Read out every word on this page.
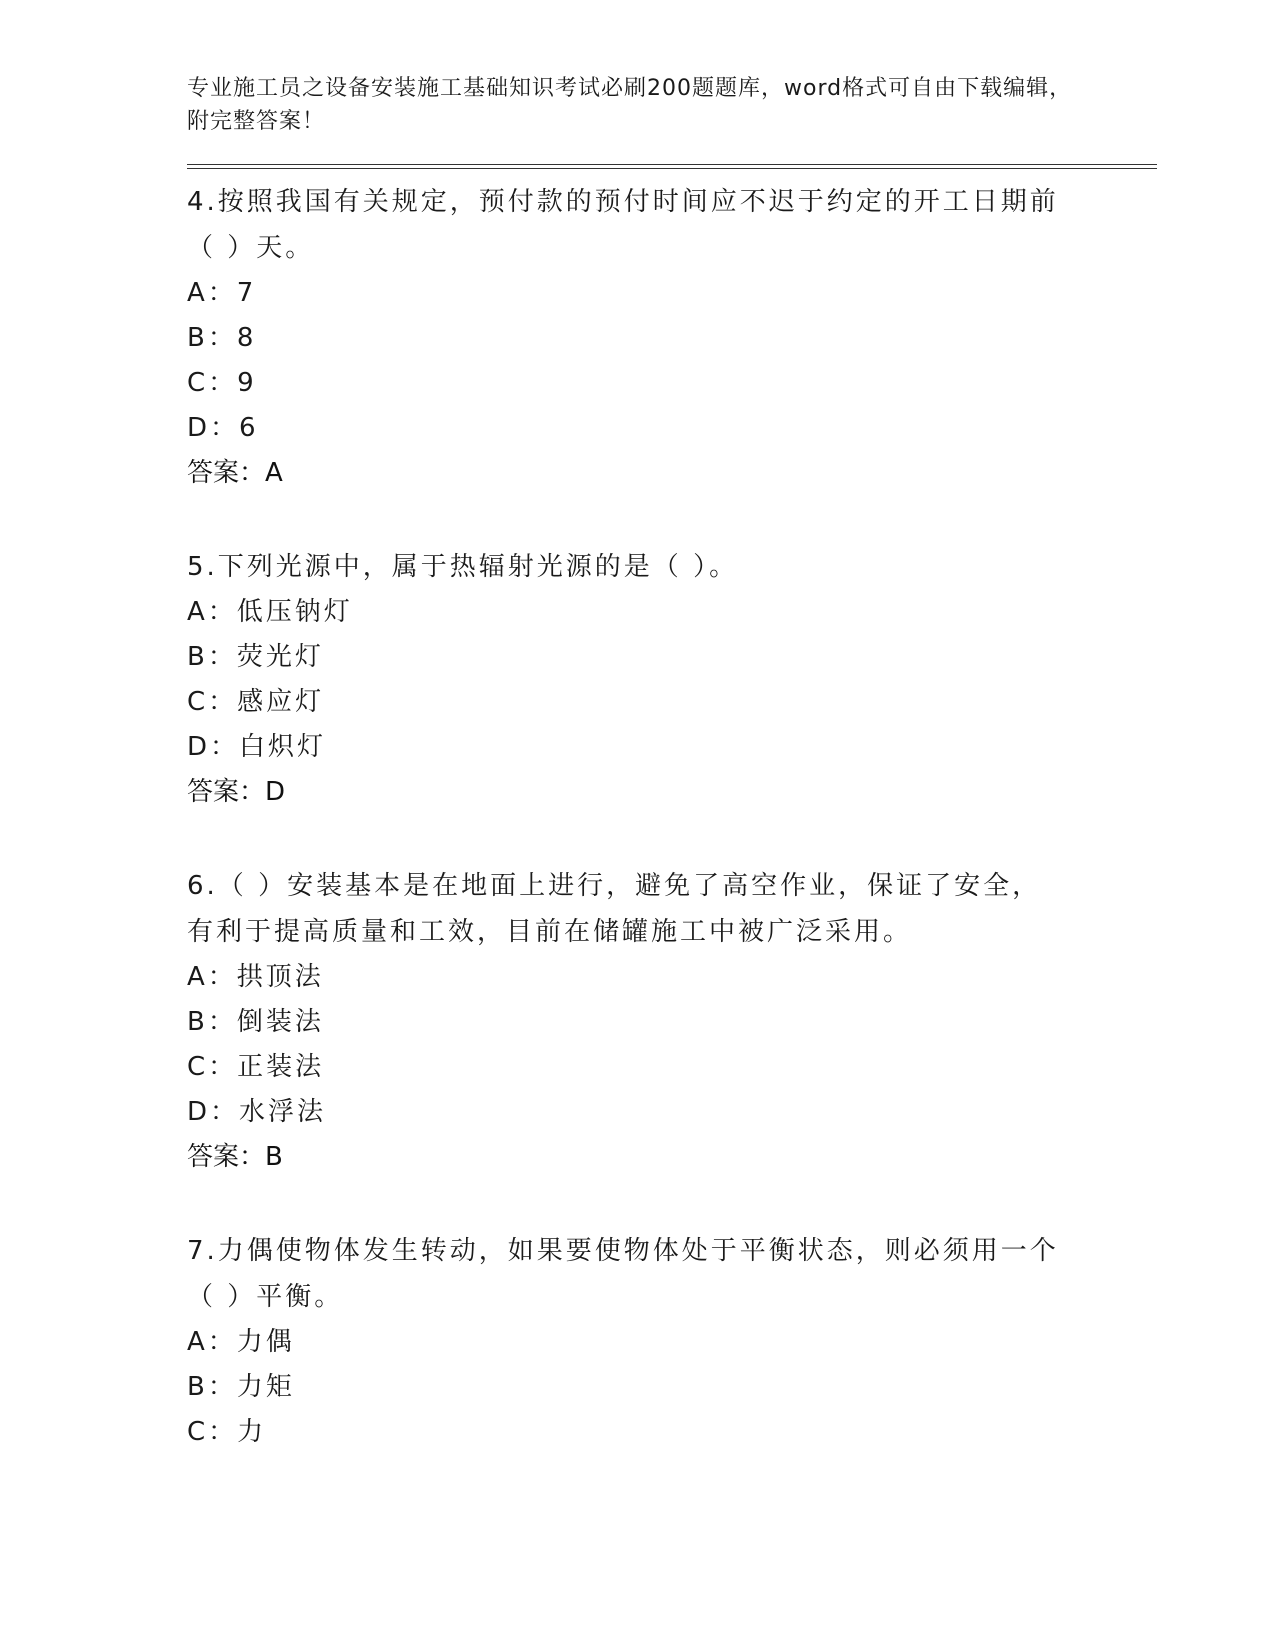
专业施工员之设备安装施工基础知识考试必刷200题题库，word格式可自由下载编辑，附完整答案！

4.按照我国有关规定，预付款的预付时间应不迟于约定的开工日期前（ ）天。

A：7

B：8

C：9

D：6

答案：A

5.下列光源中，属于热辐射光源的是（ ）。

A：低压钠灯

B：荧光灯

C：感应灯

D：白炽灯

答案：D

6.（ ）安装基本是在地面上进行，避免了高空作业，保证了安全，有利于提高质量和工效，目前在储罐施工中被广泛采用。

A：拱顶法

B：倒装法

C：正装法

D：水浮法

答案：B

7.力偶使物体发生转动，如果要使物体处于平衡状态，则必须用一个（ ）平衡。

A：力偶

B：力矩

C：力
